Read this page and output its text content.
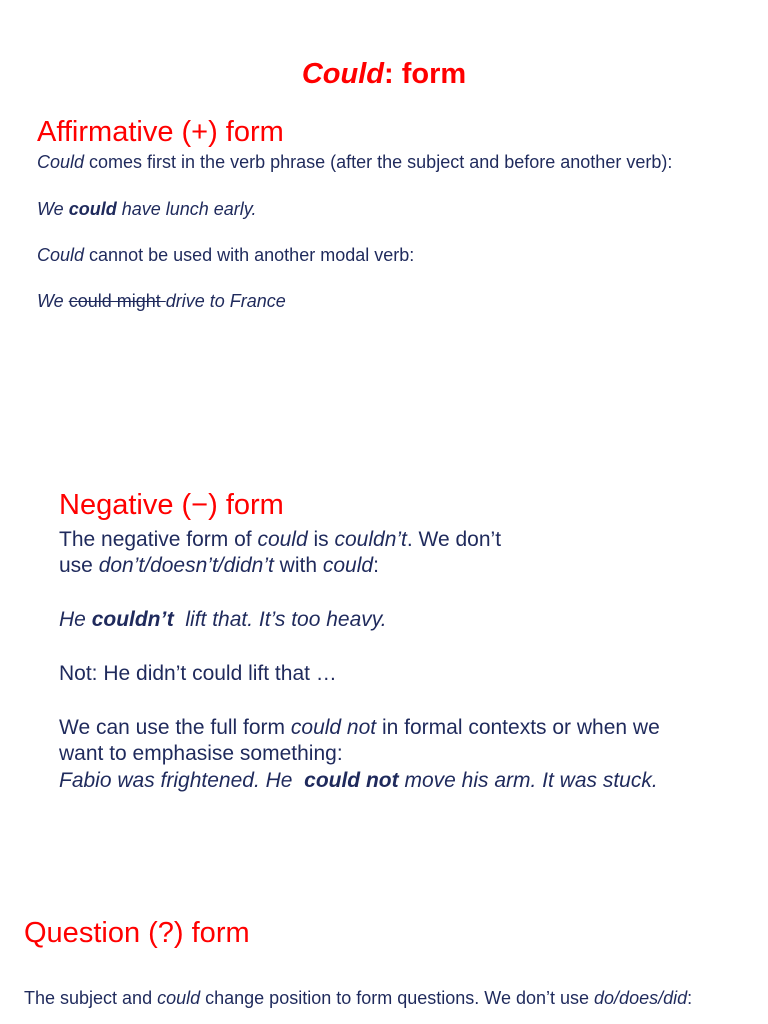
Could: form
Affirmative (+) form
Could comes first in the verb phrase (after the subject and before another verb):
We could have lunch early.
Could cannot be used with another modal verb:
We could might drive to France
Negative (−) form
The negative form of could is couldn’t. We don’t
use don’t/doesn’t/didn’t with could:
He couldn’t  lift that. It’s too heavy.
Not: He didn’t could lift that …
We can use the full form could not in formal contexts or when we
want to emphasise something:
Fabio was frightened. He  could not move his arm. It was stuck.
Question (?) form
The subject and could change position to form questions. We don’t use do/does/did:
